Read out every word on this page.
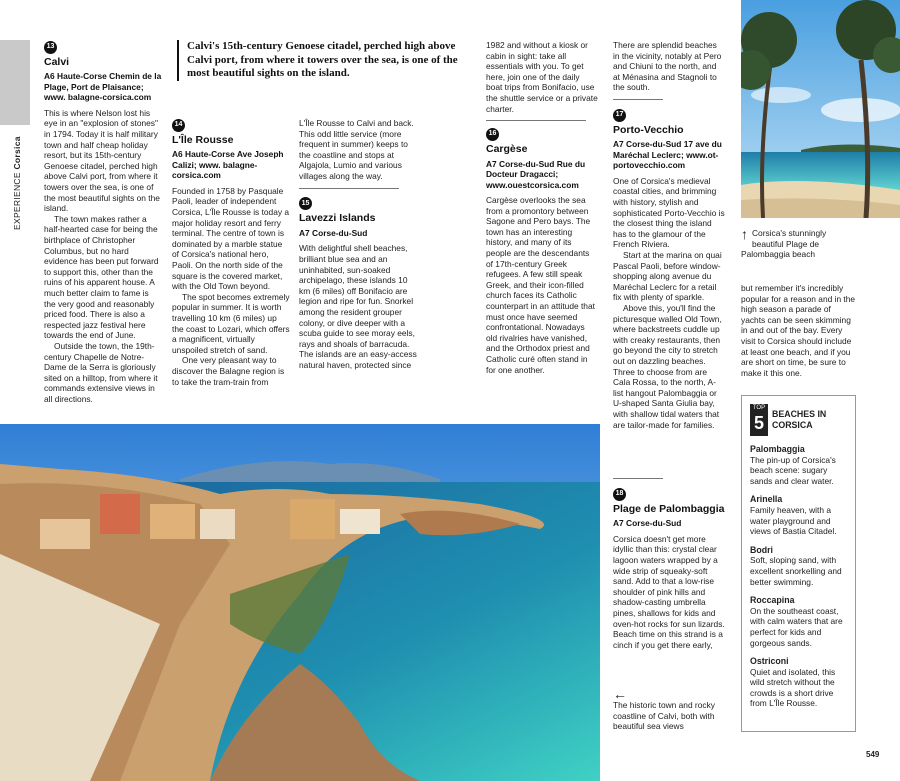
EXPERIENCE Corsica
13
Calvi
A6 Haute-Corse Chemin de la Plage, Port de Plaisance; www. balagne-corsica.com
This is where Nelson lost his eye in an "explosion of stones" in 1794. Today it is half military town and half cheap holiday resort, but its 15th-century Genoese citadel, perched high above Calvi port, from where it towers over the sea, is one of the most beautiful sights on the island.
The town makes rather a half-hearted case for being the birthplace of Christopher Columbus, but no hard evidence has been put forward to support this, other than the ruins of his apparent house. A much better claim to fame is the very good and reasonably priced food. There is also a respected jazz festival here towards the end of June.
Outside the town, the 19th-century Chapelle de Notre-Dame de la Serra is gloriously sited on a hilltop, from where it commands extensive views in all directions.
Calvi's 15th-century Genoese citadel, perched high above Calvi port, from where it towers over the sea, is one of the most beautiful sights on the island.
14
L'Île Rousse
A6 Haute-Corse Ave Joseph Calizi; www. balagne-corsica.com
Founded in 1758 by Pasquale Paoli, leader of independent Corsica, L'Île Rousse is today a major holiday resort and ferry terminal. The centre of town is dominated by a marble statue of Corsica's national hero, Paoli. On the north side of the square is the covered market, with the Old Town beyond.
The spot becomes extremely popular in summer. It is worth travelling 10 km (6 miles) up the coast to Lozari, which offers a magnificent, virtually unspoiled stretch of sand.
One very pleasant way to discover the Balagne region is to take the tram-train from
L'Île Rousse to Calvi and back. This odd little service (more frequent in summer) keeps to the coastline and stops at Algajola, Lumio and various villages along the way.
15
Lavezzi Islands
A7 Corse-du-Sud
With delightful shell beaches, brilliant blue sea and an uninhabited, sun-soaked archipelago, these islands 10 km (6 miles) off Bonifacio are legion and ripe for fun. Snorkel among the resident grouper colony, or dive deeper with a scuba guide to see moray eels, rays and shoals of barracuda. The islands are an easy-access natural haven, protected since
1982 and without a kiosk or cabin in sight: take all essentials with you. To get here, join one of the daily boat trips from Bonifacio, use the shuttle service or a private charter.
16
Cargèse
A7 Corse-du-Sud Rue du Docteur Dragacci; www.ouestcorsica.com
Cargèse overlooks the sea from a promontory between Sagone and Pero bays. The town has an interesting history, and many of its people are the descendants of 17th-century Greek refugees. A few still speak Greek, and their icon-filled church faces its Catholic counterpart in an attitude that must once have seemed confrontational. Nowadays old rivalries have vanished, and the Orthodox priest and Catholic curé often stand in for one another.
There are splendid beaches in the vicinity, notably at Pero and Chiuni to the north, and at Ménasina and Stagnoli to the south.
17
Porto-Vecchio
A7 Corse-du-Sud 17 ave du Maréchal Leclerc; www.ot-portovecchio.com
One of Corsica's medieval coastal cities, and brimming with history, stylish and sophisticated Porto-Vecchio is the closest thing the island has to the glamour of the French Riviera.
Start at the marina on quai Pascal Paoli, before window-shopping along avenue du Maréchal Leclerc for a retail fix with plenty of sparkle.
Above this, you'll find the picturesque walled Old Town, where backstreets cuddle up with creaky restaurants, then go beyond the city to stretch out on dazzling beaches. Three to choose from are Cala Rossa, to the north, A-list hangout Palombaggia or U-shaped Santa Giulia bay, with shallow tidal waters that are tailor-made for families.
18
Plage de Palombaggia
A7 Corse-du-Sud
Corsica doesn't get more idyllic than this: crystal clear lagoon waters wrapped by a wide strip of squeaky-soft sand. Add to that a low-rise shoulder of pink hills and shadow-casting umbrella pines, shallows for kids and oven-hot rocks for sun lizards. Beach time on this strand is a cinch if you get there early,
←
The historic town and rocky coastline of Calvi, both with beautiful sea views
↑ Corsica's stunningly beautiful Plage de Palombaggia beach
but remember it's incredibly popular for a reason and in the high season a parade of yachts can be seen skimming in and out of the bay. Every visit to Corsica should include at least one beach, and if you are short on time, be sure to make it this one.
TOP
5 BEACHES IN CORSICA
Palombaggia
The pin-up of Corsica's beach scene: sugary sands and clear water.
Arinella
Family heaven, with a water playground and views of Bastia Citadel.
Bodri
Soft, sloping sand, with excellent snorkelling and better swimming.
Roccapina
On the southeast coast, with calm waters that are perfect for kids and gorgeous sands.
Ostriconi
Quiet and isolated, this wild stretch without the crowds is a short drive from L'Île Rousse.
549
